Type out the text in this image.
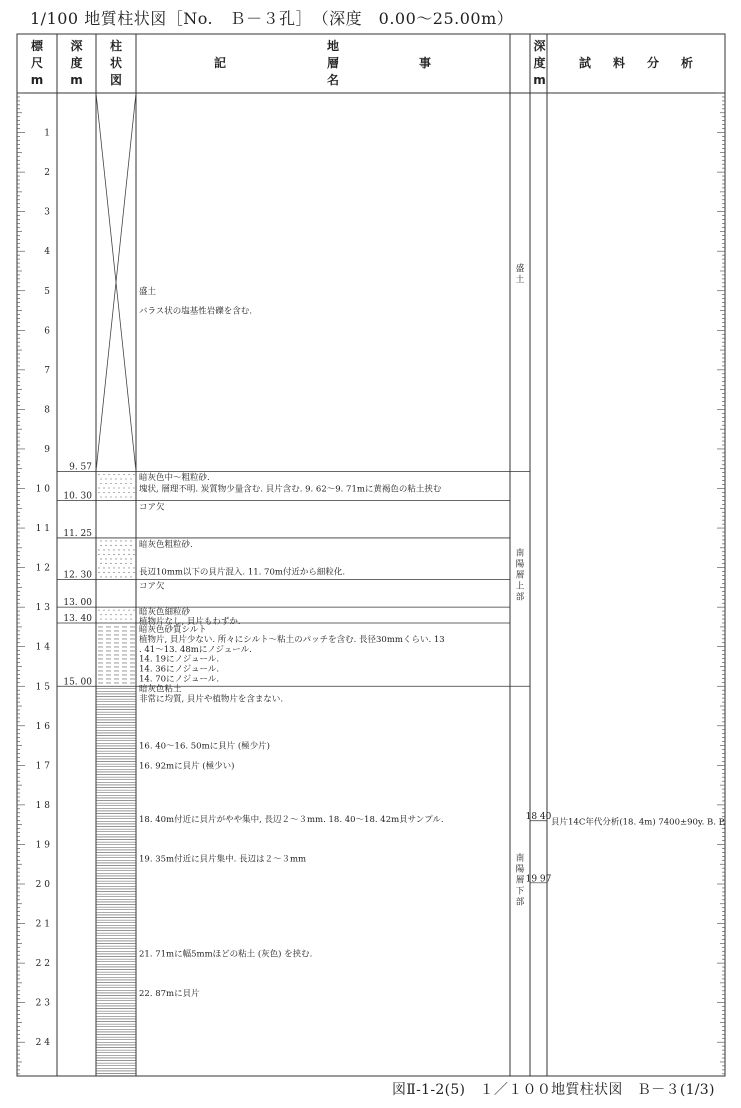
1/100 地質柱状図［No.　Ｂ－３孔］　（深度　0.00～25.00m）
標
尺
m
深
度
m
柱
状
図
記	事
地
層
名
深
度
m
試 料 分 析
1
2
3
4
5
6
7
8
9
1 0
1 1
1 2
1 3
1 4
1 5
1 6
1 7
1 8
1 9
2 0
2 1
2 2
2 3
2 4
9. 57
10. 30
11. 25
12. 30
13. 00
13. 40
15. 00
盛土
バラス状の塩基性岩礫を含む.
暗灰色中～粗粒砂.
塊状, 層理不明. 炭質物少量含む. 貝片含む. 9. 62～9. 71mに黄褐色の粘土挟む
コア欠
暗灰色粗粒砂.
長辺10mm以下の貝片混入. 11. 70m付近から細粒化.
コア欠
暗灰色細粒砂
植物片なし, 貝片もわずか.
暗灰色砂質シルト
植物片, 貝片少ない. 所々にシルト～粘土のパッチを含む. 長径30mmくらい. 13
. 41～13. 48mにノジュール.
14. 19にノジュール.
14. 36にノジュール.
14. 70にノジュール.
暗灰色粘土
非常に均質, 貝片や植物片を含まない.
16. 40～16. 50mに貝片 (極少片)
16. 92mに貝片 (極少い)
18. 40m付近に貝片がやや集中, 長辺２～３mm. 18. 40～18. 42m貝サンプル.
19. 35m付近に貝片集中. 長辺は２～３mm
21. 71mに幅5mmほどの粘土 (灰色) を挟む.
22. 87mに貝片
盛
土
南
陽
層
上
部
南
陽
層
下
部
18 40
19 97
貝片14C年代分析(18. 4m) 7400±90y. B. P.
図Ⅱ-1-2(5)　１／１００地質柱状図　Ｂ－３(1/3)
